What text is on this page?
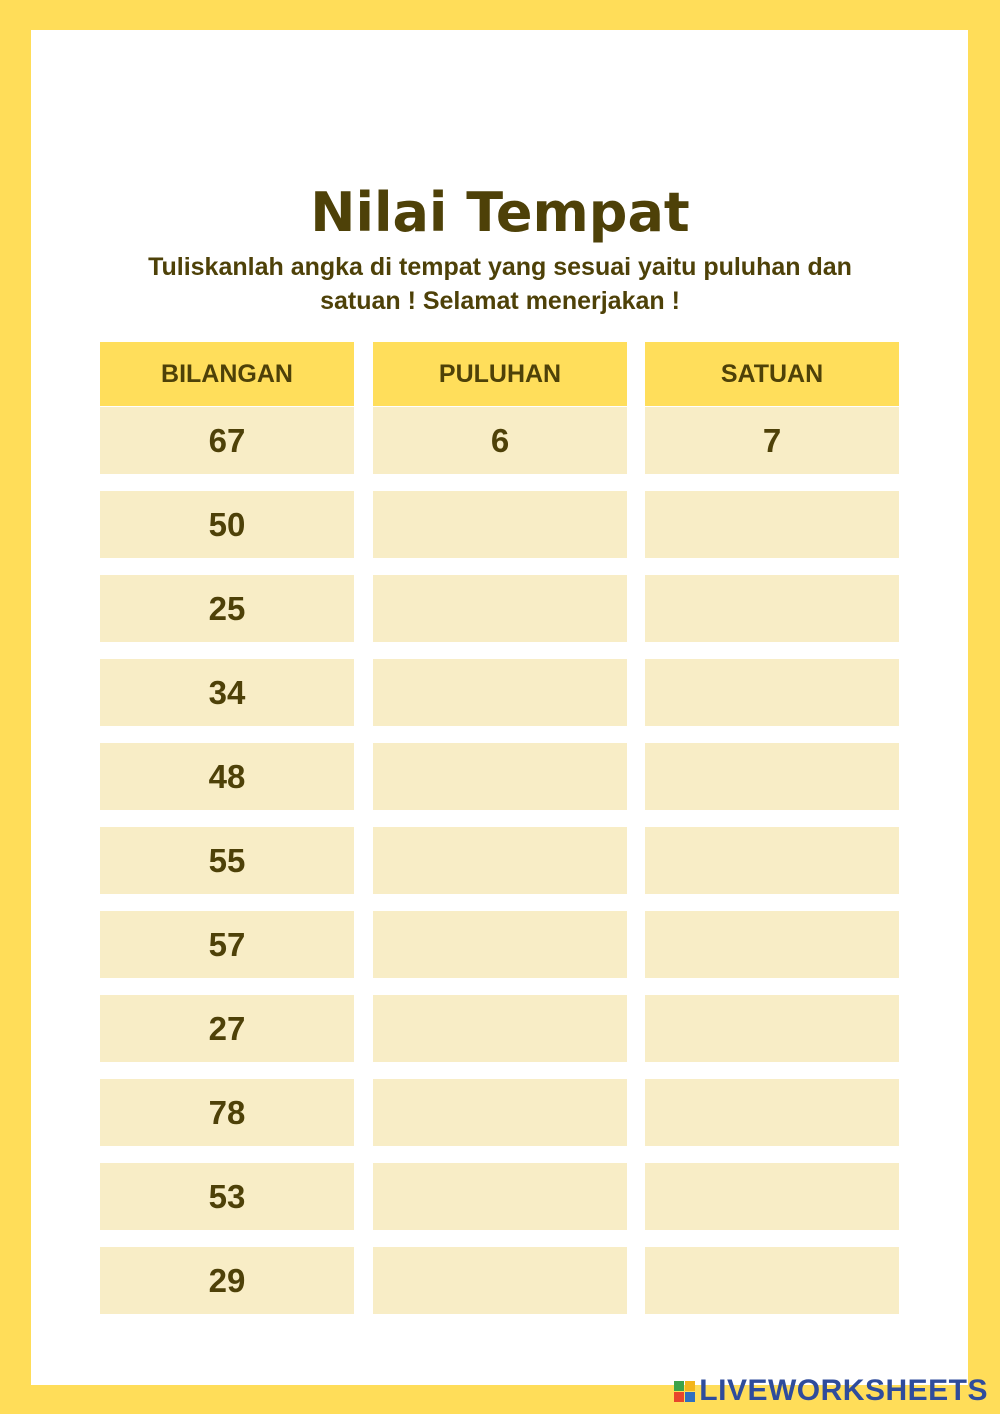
Nilai Tempat
Tuliskanlah angka di tempat yang sesuai yaitu puluhan dan satuan ! Selamat menerjakan !
BILANGAN	PULUHAN	SATUAN
67	6	7
50
25
34
48
55
57
27
78
53
29
LIVEWORKSHEETS
